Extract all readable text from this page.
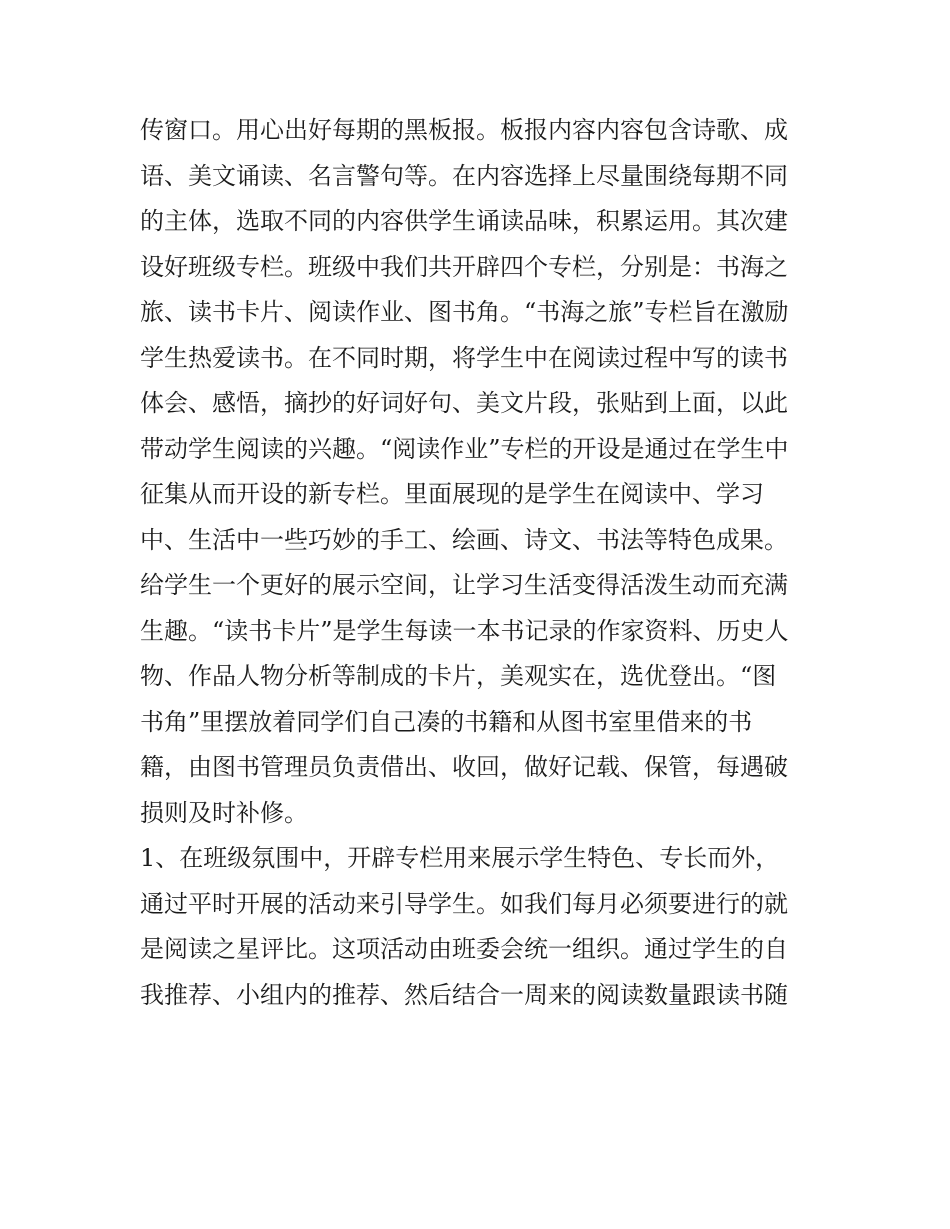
传窗口。用心出好每期的黑板报。板报内容内容包含诗歌、成
语、美文诵读、名言警句等。在内容选择上尽量围绕每期不同
的主体，选取不同的内容供学生诵读品味，积累运用。其次建
设好班级专栏。班级中我们共开辟四个专栏，分别是：书海之
旅、读书卡片、阅读作业、图书角。“书海之旅”专栏旨在激励
学生热爱读书。在不同时期，将学生中在阅读过程中写的读书
体会、感悟，摘抄的好词好句、美文片段，张贴到上面，以此
带动学生阅读的兴趣。“阅读作业”专栏的开设是通过在学生中
征集从而开设的新专栏。里面展现的是学生在阅读中、学习
中、生活中一些巧妙的手工、绘画、诗文、书法等特色成果。
给学生一个更好的展示空间，让学习生活变得活泼生动而充满
生趣。“读书卡片”是学生每读一本书记录的作家资料、历史人
物、作品人物分析等制成的卡片，美观实在，选优登出。“图
书角”里摆放着同学们自己凑的书籍和从图书室里借来的书
籍，由图书管理员负责借出、收回，做好记载、保管，每遇破
损则及时补修。
1、在班级氛围中，开辟专栏用来展示学生特色、专长而外，
通过平时开展的活动来引导学生。如我们每月必须要进行的就
是阅读之星评比。这项活动由班委会统一组织。通过学生的自
我推荐、小组内的推荐、然后结合一周来的阅读数量跟读书随
